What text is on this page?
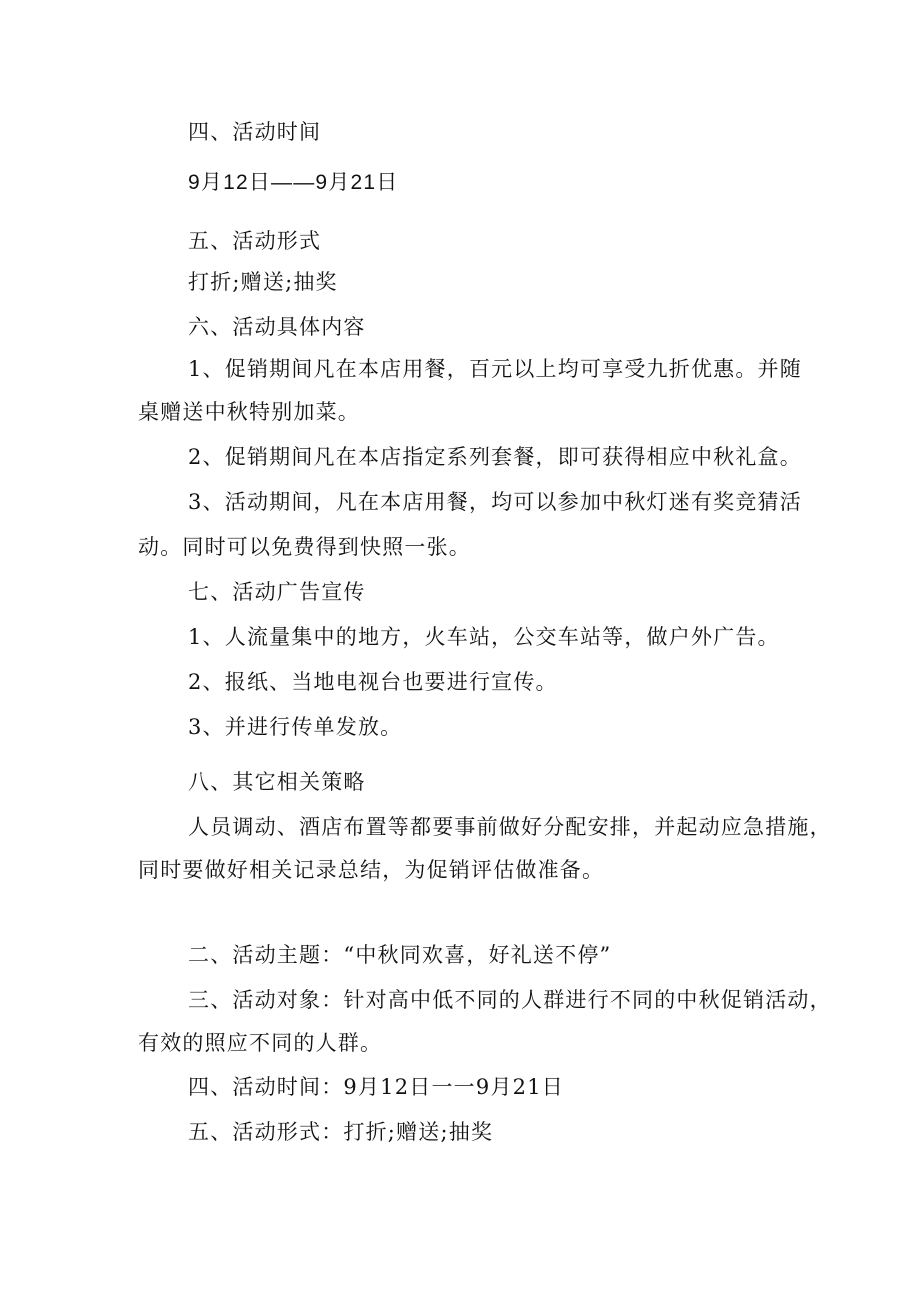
四、活动时间
9月12日——9月21日
五、活动形式
打折;赠送;抽奖
六、活动具体内容
1、促销期间凡在本店用餐，百元以上均可享受九折优惠。并随
桌赠送中秋特别加菜。
2、促销期间凡在本店指定系列套餐，即可获得相应中秋礼盒。
3、活动期间，凡在本店用餐，均可以参加中秋灯迷有奖竞猜活
动。同时可以免费得到快照一张。
七、活动广告宣传
1、人流量集中的地方，火车站，公交车站等，做户外广告。
2、报纸、当地电视台也要进行宣传。
3、并进行传单发放。
八、其它相关策略
人员调动、酒店布置等都要事前做好分配安排，并起动应急措施，
同时要做好相关记录总结，为促销评估做准备。
二、活动主题：“中秋同欢喜，好礼送不停”
三、活动对象：针对高中低不同的人群进行不同的中秋促销活动，
有效的照应不同的人群。
四、活动时间：9月12日一一9月21日
五、活动形式：打折;赠送;抽奖
